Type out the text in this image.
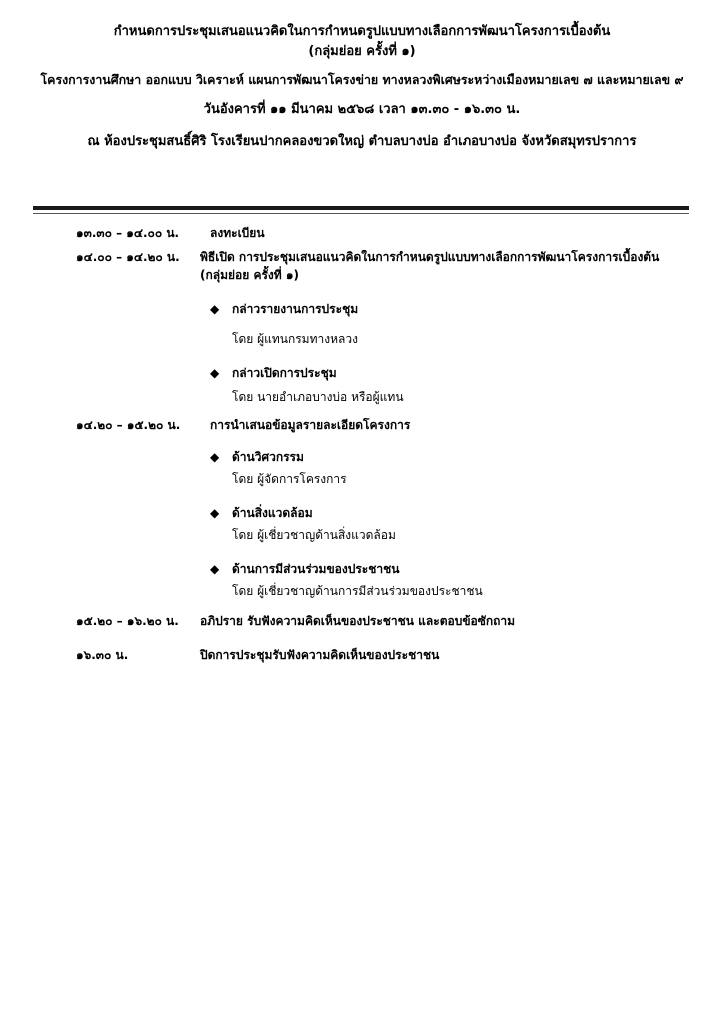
กำหนดการประชุมเสนอแนวคิดในการกำหนดรูปแบบทางเลือกการพัฒนาโครงการเบื้องต้น
(กลุ่มย่อย ครั้งที่ ๑)
โครงการงานศึกษา ออกแบบ วิเคราะห์ แผนการพัฒนาโครงข่าย ทางหลวงพิเศษระหว่างเมืองหมายเลข ๗ และหมายเลข ๙
วันอังคารที่ ๑๑ มีนาคม ๒๕๖๘ เวลา ๑๓.๓๐ - ๑๖.๓๐ น.
ณ ห้องประชุมสนธิ์ศิริ โรงเรียนปากคลองขวดใหญ่ ตำบลบางบ่อ อำเภอบางบ่อ จังหวัดสมุทรปราการ
๑๓.๓๐ – ๑๔.๐๐ น.	ลงทะเบียน
๑๔.๐๐ – ๑๔.๒๐ น. พิธีเปิด การประชุมเสนอแนวคิดในการกำหนดรูปแบบทางเลือกการพัฒนาโครงการเบื้องต้น (กลุ่มย่อย ครั้งที่ ๑)
◆ กล่าวรายงานการประชุม
โดย ผู้แทนกรมทางหลวง
◆ กล่าวเปิดการประชุม
โดย นายอำเภอบางบ่อ หรือผู้แทน
๑๔.๒๐ – ๑๕.๒๐ น. การนำเสนอข้อมูลรายละเอียดโครงการ
◆ ด้านวิศวกรรม
โดย ผู้จัดการโครงการ
◆ ด้านสิ่งแวดล้อม
โดย ผู้เชี่ยวชาญด้านสิ่งแวดล้อม
◆ ด้านการมีส่วนร่วมของประชาชน
โดย ผู้เชี่ยวชาญด้านการมีส่วนร่วมของประชาชน
๑๕.๒๐ – ๑๖.๒๐ น. อภิปราย รับฟังความคิดเห็นของประชาชน และตอบข้อซักถาม
๑๖.๓๐ น.	ปิดการประชุมรับฟังความคิดเห็นของประชาชน
